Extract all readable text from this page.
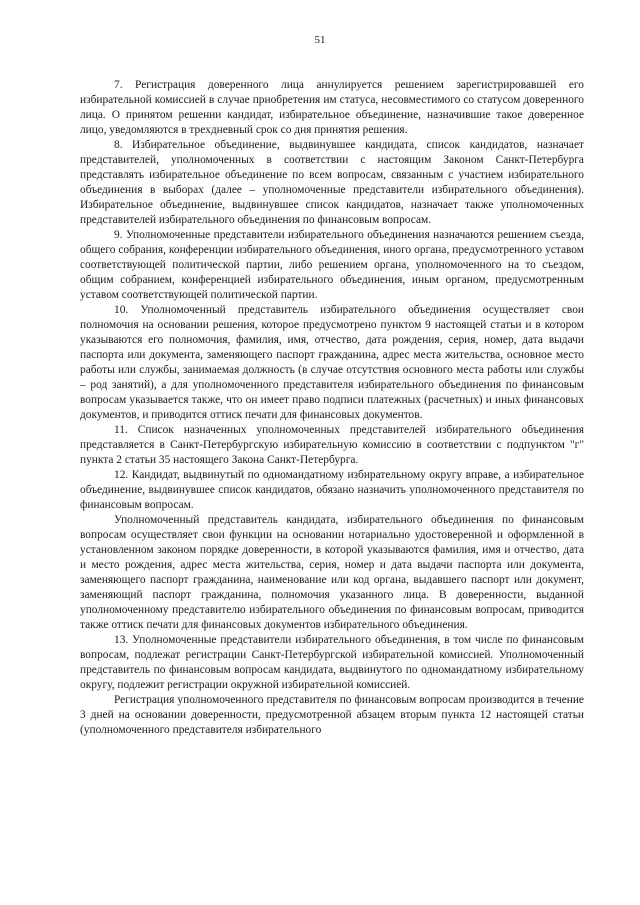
51

7. Регистрация доверенного лица аннулируется решением зарегистрировавшей его избирательной комиссией в случае приобретения им статуса, несовместимого со статусом доверенного лица. О принятом решении кандидат, избирательное объединение, назначившие такое доверенное лицо, уведомляются в трехдневный срок со дня принятия решения.

8. Избирательное объединение, выдвинувшее кандидата, список кандидатов, назначает представителей, уполномоченных в соответствии с настоящим Законом Санкт-Петербурга представлять избирательное объединение по всем вопросам, связанным с участием избирательного объединения в выборах (далее – уполномоченные представители избирательного объединения). Избирательное объединение, выдвинувшее список кандидатов, назначает также уполномоченных представителей избирательного объединения по финансовым вопросам.

9. Уполномоченные представители избирательного объединения назначаются решением съезда, общего собрания, конференции избирательного объединения, иного органа, предусмотренного уставом соответствующей политической партии, либо решением органа, уполномоченного на то съездом, общим собранием, конференцией избирательного объединения, иным органом, предусмотренным уставом соответствующей политической партии.

10. Уполномоченный представитель избирательного объединения осуществляет свои полномочия на основании решения, которое предусмотрено пунктом 9 настоящей статьи и в котором указываются его полномочия, фамилия, имя, отчество, дата рождения, серия, номер, дата выдачи паспорта или документа, заменяющего паспорт гражданина, адрес места жительства, основное место работы или службы, занимаемая должность (в случае отсутствия основного места работы или службы – род занятий), а для уполномоченного представителя избирательного объединения по финансовым вопросам указывается также, что он имеет право подписи платежных (расчетных) и иных финансовых документов, и приводится оттиск печати для финансовых документов.

11. Список назначенных уполномоченных представителей избирательного объединения представляется в Санкт-Петербургскую избирательную комиссию в соответствии с подпунктом "г" пункта 2 статьи 35 настоящего Закона Санкт-Петербурга.

12. Кандидат, выдвинутый по одномандатному избирательному округу вправе, а избирательное объединение, выдвинувшее список кандидатов, обязано назначить уполномоченного представителя по финансовым вопросам.

Уполномоченный представитель кандидата, избирательного объединения по финансовым вопросам осуществляет свои функции на основании нотариально удостоверенной и оформленной в установленном законом порядке доверенности, в которой указываются фамилия, имя и отчество, дата и место рождения, адрес места жительства, серия, номер и дата выдачи паспорта или документа, заменяющего паспорт гражданина, наименование или код органа, выдавшего паспорт или документ, заменяющий паспорт гражданина, полномочия указанного лица. В доверенности, выданной уполномоченному представителю избирательного объединения по финансовым вопросам, приводится также оттиск печати для финансовых документов избирательного объединения.

13. Уполномоченные представители избирательного объединения, в том числе по финансовым вопросам, подлежат регистрации Санкт-Петербургской избирательной комиссией. Уполномоченный представитель по финансовым вопросам кандидата, выдвинутого по одномандатному избирательному округу, подлежит регистрации окружной избирательной комиссией.

Регистрация уполномоченного представителя по финансовым вопросам производится в течение 3 дней на основании доверенности, предусмотренной абзацем вторым пункта 12 настоящей статьи (уполномоченного представителя избирательного
